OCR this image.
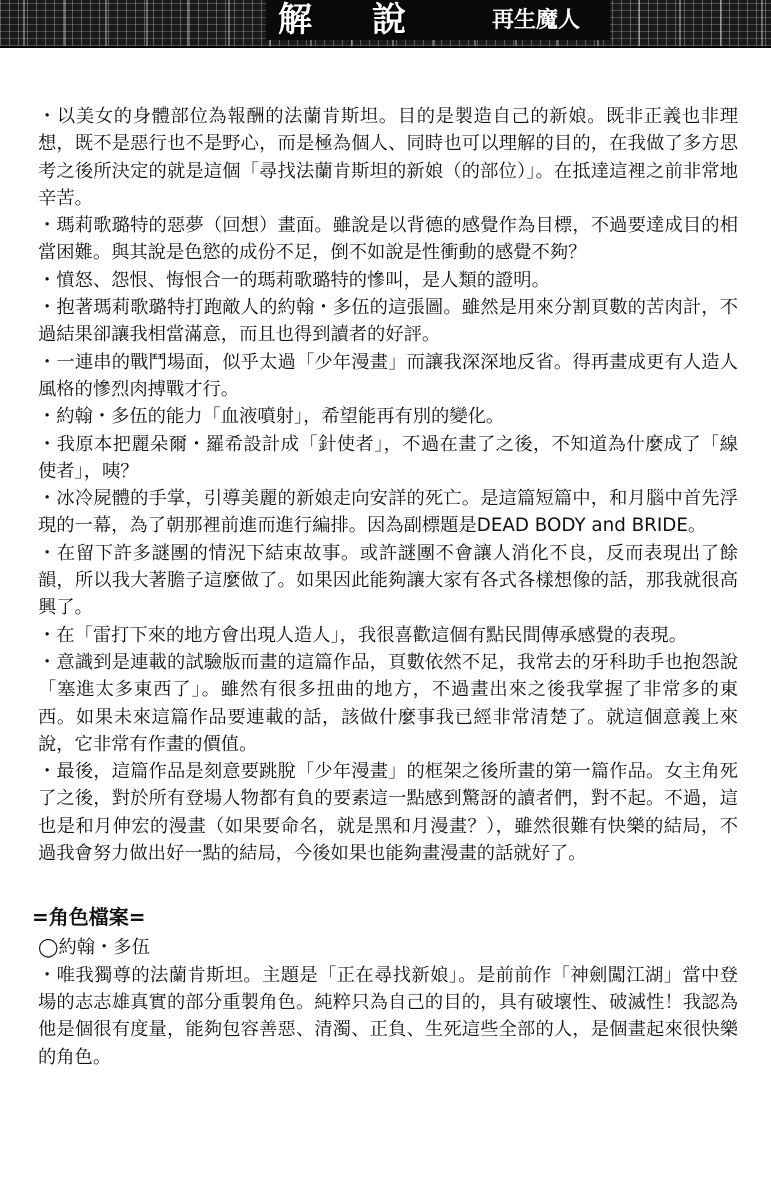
解 說	再生魔人

・以美女的身體部位為報酬的法蘭肯斯坦。目的是製造自己的新娘。既非正義也非理想，既不是惡行也不是野心，而是極為個人、同時也可以理解的目的，在我做了多方思考之後所決定的就是這個「尋找法蘭肯斯坦的新娘（的部位）」。在抵達這裡之前非常地辛苦。

・瑪莉歌璐特的惡夢（回想）畫面。雖說是以背德的感覺作為目標，不過要達成目的相當困難。與其說是色慾的成份不足，倒不如說是性衝動的感覺不夠？

・憤怒、怨恨、悔恨合一的瑪莉歌璐特的慘叫，是人類的證明。

・抱著瑪莉歌璐特打跑敵人的約翰・多伍的這張圖。雖然是用來分割頁數的苦肉計，不過結果卻讓我相當滿意，而且也得到讀者的好評。

・一連串的戰鬥場面，似乎太過「少年漫畫」而讓我深深地反省。得再畫成更有人造人風格的慘烈肉搏戰才行。

・約翰・多伍的能力「血液噴射」，希望能再有別的變化。

・我原本把麗朵爾・羅希設計成「針使者」，不過在畫了之後，不知道為什麼成了「線使者」，咦？

・冰冷屍體的手掌，引導美麗的新娘走向安詳的死亡。是這篇短篇中，和月腦中首先浮現的一幕，為了朝那裡前進而進行編排。因為副標題是DEAD BODY and BRIDE。

・在留下許多謎團的情況下結束故事。或許謎團不會讓人消化不良，反而表現出了餘韻，所以我大著膽子這麼做了。如果因此能夠讓大家有各式各樣想像的話，那我就很高興了。

・在「雷打下來的地方會出現人造人」，我很喜歡這個有點民間傳承感覺的表現。

・意識到是連載的試驗版而畫的這篇作品，頁數依然不足，我常去的牙科助手也抱怨說「塞進太多東西了」。雖然有很多扭曲的地方，不過畫出來之後我掌握了非常多的東西。如果未來這篇作品要連載的話，該做什麼事我已經非常清楚了。就這個意義上來說，它非常有作畫的價值。

・最後，這篇作品是刻意要跳脫「少年漫畫」的框架之後所畫的第一篇作品。女主角死了之後，對於所有登場人物都有負的要素這一點感到驚訝的讀者們，對不起。不過，這也是和月伸宏的漫畫（如果要命名，就是黑和月漫畫？），雖然很難有快樂的結局，不過我會努力做出好一點的結局，今後如果也能夠畫漫畫的話就好了。

=角色檔案=

◯約翰・多伍

・唯我獨尊的法蘭肯斯坦。主題是「正在尋找新娘」。是前前作「神劍闖江湖」當中登場的志志雄真實的部分重製角色。純粹只為自己的目的，具有破壞性、破滅性！我認為他是個很有度量，能夠包容善惡、清濁、正負、生死這些全部的人，是個畫起來很快樂的角色。
